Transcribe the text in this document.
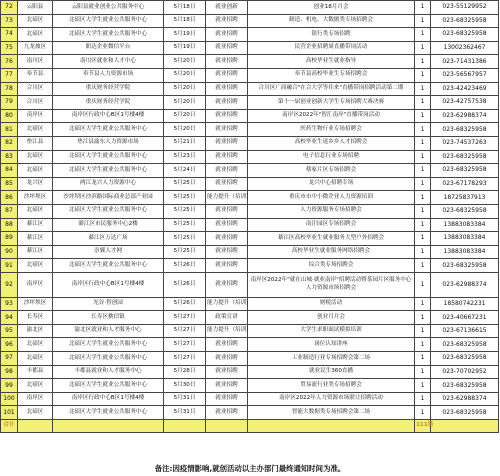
72	云阳县	云阳县就业创业公共服务中心	5月18日	就业创新	创业18月月会	1	023-55129952
73	北碚区	北碚区大学生就业公共服务中心	5月18日	就业招聘	制造、机电、大数据类专场招聘会	1	023-68325958
74	北碚区	北碚区大学生就业公共服务中心	5月19日	就业招聘	银行类专场招聘	1	023-68325958
75	九龙坡区	职达企业微信平台	5月19日	就业招聘	民营企业招聘周直播带岗活动	1	13002362467
76	南川区	南川区就业和人才中心	5月20日	就业招聘	高校毕业生就业指导	1	023-71431386
77	奉节县	奉节县人力资源市场	5月20日	就业招聘	奉节县高校毕业生专场招聘会	1	023-56567957
78	合川区	重庆财务经营学院	5月20日	就业招聘	合川区广商融合"在合大学等往来"直播带岗招聘活动第二期	1	023-42423469
79	合川区	重庆财务经营学院	5月20日	就业招聘	第十一届创业创新大学生专场招聘大赛决赛	1	023-42757538
80	南岸区	南岸区行政中心B区1号楼4楼	5月20日	就业招聘	南岸区2022年"智汇南岸"直播带岗活动	1	023-62988374
81	北碚区	北碚区大学生就业公共服务中心	5月20日	就业招聘	医药生物行业专场招聘会	1	023-68325958
82	垫江县	垫江县渝东人力资源市场	5月21日	就业招聘	高校毕业生返乡乡人才招聘会	1	023-74537263
83	北碚区	北碚区大学生就业公共服务中心	5月23日	就业招聘	电子信息行业专场招聘	1	023-68325958
84	北碚区	北碚区大学生就业公共服务中心	5月24日	就业招聘	蔡家片区专场招聘会	1	023-68325958
85	龙兴区	两江龙兴人力资源中心	5月25日	就业招聘	龙兴中心招聘专场	1	023-67178293
86	沙坪坝区	沙坪坝区沙滨路国际商业总部产业园	5月25日	能力提升（培训）	重庆市市中小微企业人力资源培训	1	18725837913
87	北碚区	北碚区大学生就业公共服务中心	5月25日	就业招聘	人力资源服务专场招聘会	1	023-68325958
88	綦江区	綦江区市民服务中心2楼	5月25日	就业招聘	南注园区专场招聘会	1	13883083384
89	綦江区	綦江区万达广场	5月25日	就业招聘	綦江区高校毕业生就业服务大型户外招聘会	1	13883083384
90	綦江区	崇翼人才网	5月25日	就业招聘	高校毕业生就业服务网络招聘会	1	13883083384
91	北碚区	北碚区大学生就业公共服务中心	5月26日	就业招聘	综合类专场招聘会	1	023-68325958
92	南岸区	南岸区行政中心B区1号楼4楼	5月26日	就业招聘	南岸区2022年"就在山城·就业南岸"招聘活动暨茶园片区服务中心人力资源市场招聘会	1	023-62988374
93	沙坪坝区	光谷·智创园	5月26日	能力提升（培训）	财税活动	1	18580742231
94	长寿区	长寿区桃信镇	5月27日	政策宣讲	创业月月会	1	023-40667231
95	渝北区	渝北区就业和人才服务中心	5月27日	能力提升（培训）	大学生求职面试模拟培训	1	023-67136615
96	北碚区	北碚区大学生就业公共服务中心	5月27日	就业招聘	岗位认知讲座	1	023-68325958
97	北碚区	北碚区大学生就业公共服务中心	5月27日	就业招聘	工业制造行业专场招聘会第二场	1	023-68325958
98	丰都县	丰都县就业和人才服务中心	5月28日	就业招聘	就业民生360直播	1	023-70702952
99	北碚区	北碚区大学生就业公共服务中心	5月30日	就业招聘	贸易流行业类专场招聘会	1	023-68325958
100	南岸区	南岸区行政中心B区1号楼4楼	5月31日	就业招聘	南岸区2022年人力资源市场联让招聘活动	1	023-62988374
101	北碚区	北碚区大学生就业公共服务中心	5月31日	就业招聘	智能大数据类专场招聘会第二场	1	023-68325958
合计						111场	
备注:因疫情影响,就创活动以主办部门最终通知时间为准。
